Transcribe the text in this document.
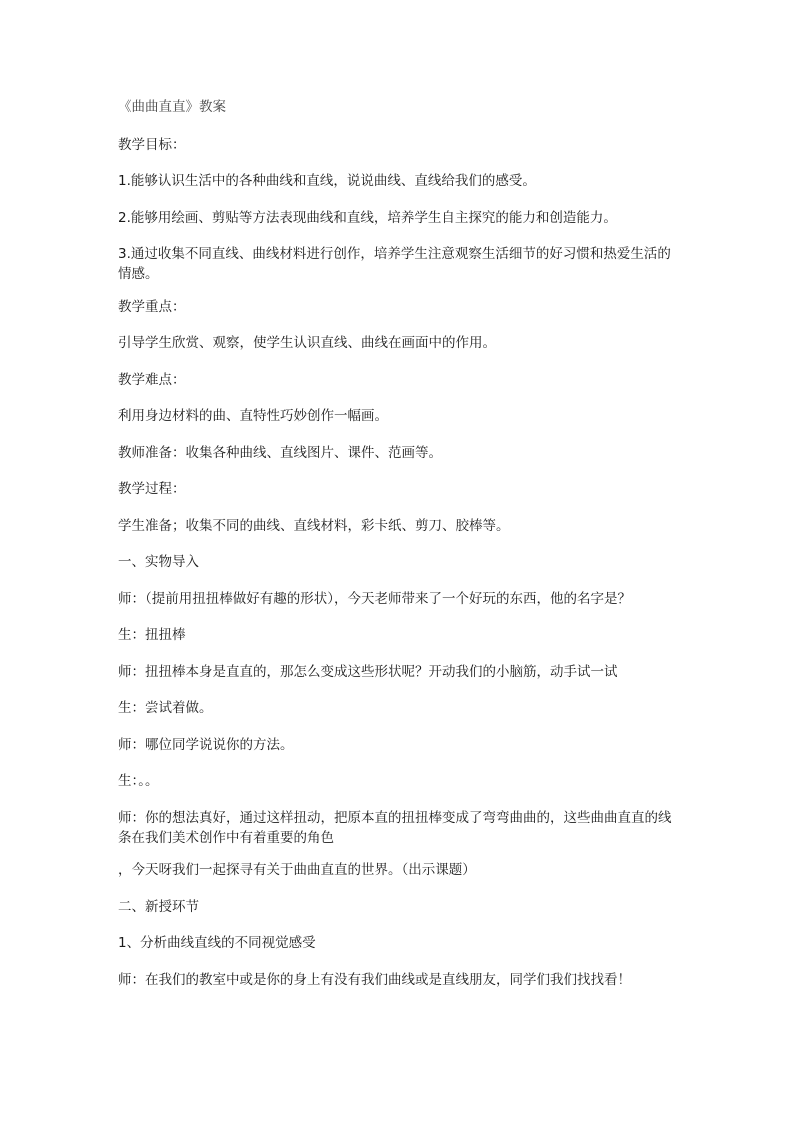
《曲曲直直》教案

教学目标：

1.能够认识生活中的各种曲线和直线，说说曲线、直线给我们的感受。

2.能够用绘画、剪贴等方法表现曲线和直线，培养学生自主探究的能力和创造能力。

3.通过收集不同直线、曲线材料进行创作，培养学生注意观察生活细节的好习惯和热爱生活的情感。

教学重点：

引导学生欣赏、观察，使学生认识直线、曲线在画面中的作用。

教学难点：

利用身边材料的曲、直特性巧妙创作一幅画。

教师准备：收集各种曲线、直线图片、课件、范画等。

教学过程：

学生准备；收集不同的曲线、直线材料，彩卡纸、剪刀、胶棒等。

一、实物导入

师：（提前用扭扭棒做好有趣的形状），今天老师带来了一个好玩的东西，他的名字是？

生：扭扭棒

师：扭扭棒本身是直直的，那怎么变成这些形状呢？开动我们的小脑筋，动手试一试

生：尝试着做。

师：哪位同学说说你的方法。

生：。。

师：你的想法真好，通过这样扭动，把原本直的扭扭棒变成了弯弯曲曲的，这些曲曲直直的线条在我们美术创作中有着重要的角色

，今天呀我们一起探寻有关于曲曲直直的世界。（出示课题）

二、新授环节

1、分析曲线直线的不同视觉感受

师：在我们的教室中或是你的身上有没有我们曲线或是直线朋友，同学们我们找找看！
